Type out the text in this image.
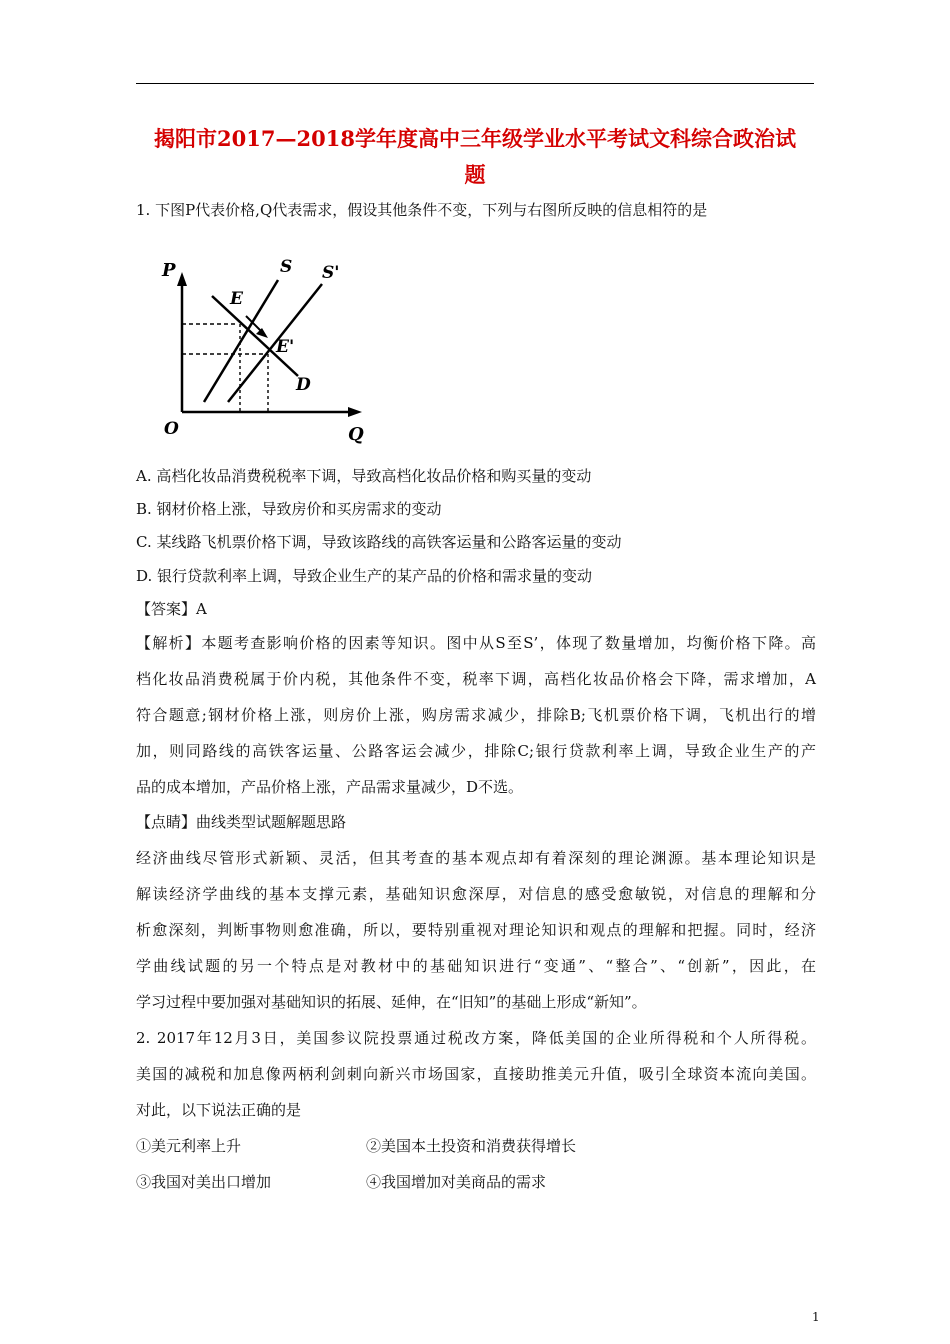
揭阳市2017—2018学年度高中三年级学业水平考试文科综合政治试
题
1. 下图P代表价格,Q代表需求，假设其他条件不变，下列与右图所反映的信息相符的是
P
Q
O
S S'
E
E'
D
A. 高档化妆品消费税税率下调，导致高档化妆品价格和购买量的变动
B. 钢材价格上涨，导致房价和买房需求的变动
C. 某线路飞机票价格下调，导致该路线的高铁客运量和公路客运量的变动
D. 银行贷款利率上调，导致企业生产的某产品的价格和需求量的变动
【答案】A
【解析】本题考查影响价格的因素等知识。图中从S至S’，体现了数量增加，均衡价格下降。高
档化妆品消费税属于价内税，其他条件不变，税率下调，高档化妆品价格会下降，需求增加，A
符合题意;钢材价格上涨，则房价上涨，购房需求减少，排除B;飞机票价格下调，飞机出行的增
加，则同路线的高铁客运量、公路客运会减少，排除C;银行贷款利率上调，导致企业生产的产
品的成本增加，产品价格上涨，产品需求量减少，D不选。
【点睛】曲线类型试题解题思路
经济曲线尽管形式新颖、灵活，但其考查的基本观点却有着深刻的理论渊源。基本理论知识是
解读经济学曲线的基本支撑元素，基础知识愈深厚，对信息的感受愈敏锐，对信息的理解和分
析愈深刻，判断事物则愈准确，所以，要特别重视对理论知识和观点的理解和把握。同时，经济
学曲线试题的另一个特点是对教材中的基础知识进行“变通”、“整合”、“创新”，因此，在
学习过程中要加强对基础知识的拓展、延伸，在“旧知”的基础上形成“新知”。
2. 2017年12月3日，美国参议院投票通过税改方案，降低美国的企业所得税和个人所得税。
美国的减税和加息像两柄利剑刺向新兴市场国家，直接助推美元升值，吸引全球资本流向美国。
对此，以下说法正确的是
①美元利率上升	②美国本土投资和消费获得增长
③我国对美出口增加	④我国增加对美商品的需求
1
